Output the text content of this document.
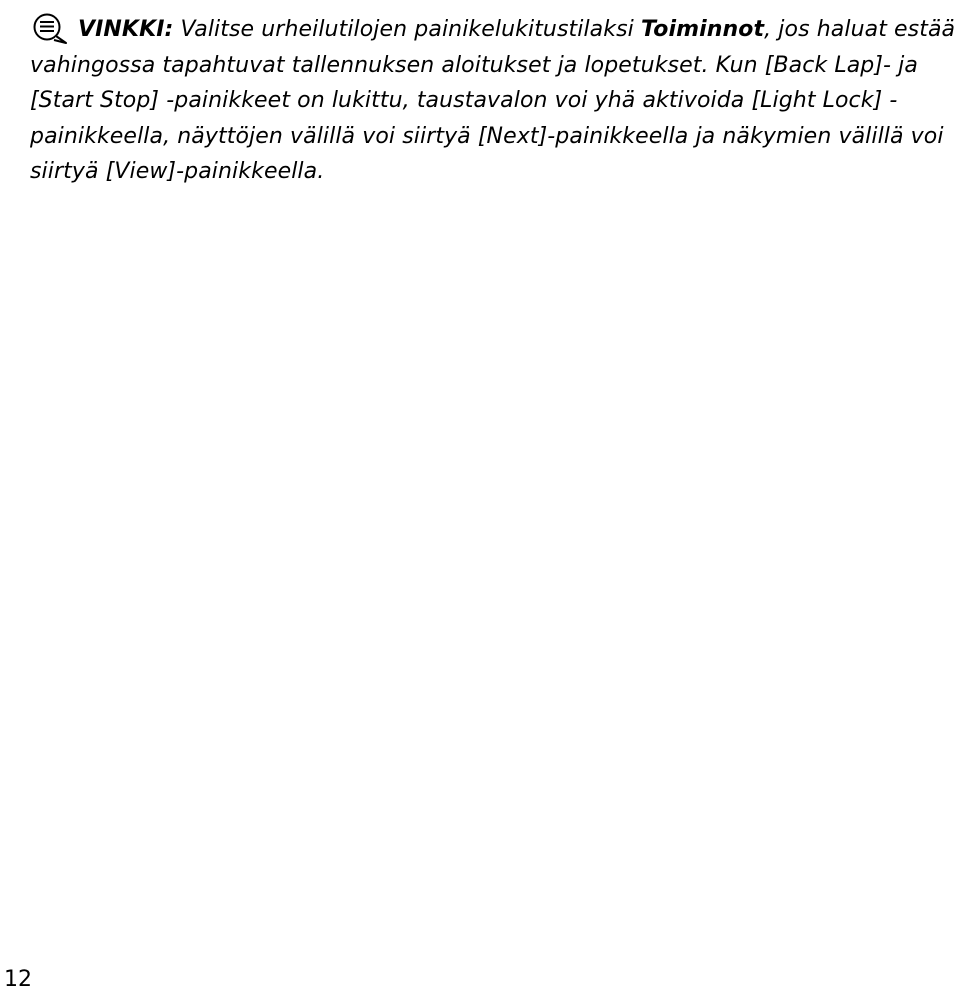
VINKKI: Valitse urheilutilojen painikelukitustilaksi Toiminnot, jos haluat estää vahingossa tapahtuvat tallennuksen aloitukset ja lopetukset. Kun [Back Lap]- ja [Start Stop] -painikkeet on lukittu, taustavalon voi yhä aktivoida [Light Lock] -painikkeella, näyttöjen välillä voi siirtyä [Next]-painikkeella ja näkymien välillä voi siirtyä [View]-painikkeella.

12
